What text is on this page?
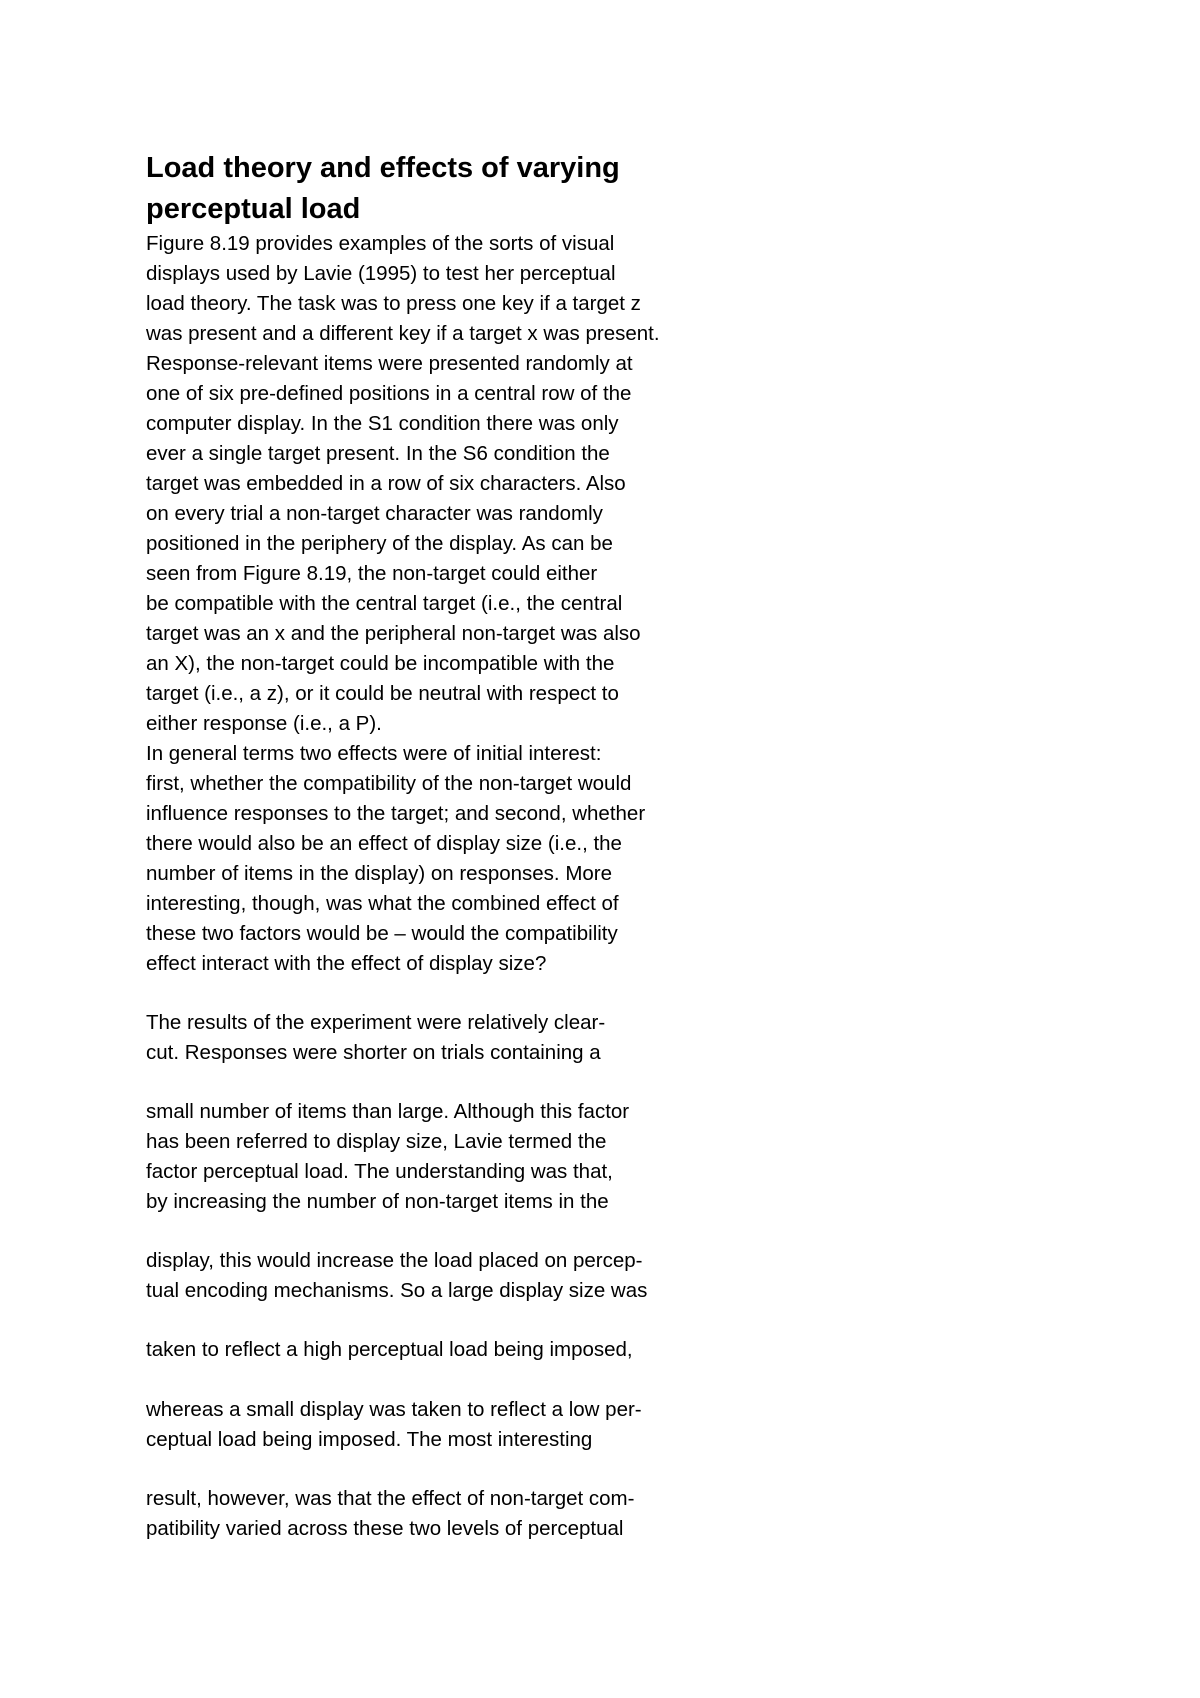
Load theory and effects of varying
perceptual load

Figure 8.19 provides examples of the sorts of visual

displays used by Lavie (1995) to test her perceptual

load theory. The task was to press one key if a target z

was present and a different key if a target x was present.

Response-relevant items were presented randomly at

one of six pre-defined positions in a central row of the

computer display. In the S1 condition there was only

ever a single target present. In the S6 condition the

target was embedded in a row of six characters. Also

on every trial a non-target character was randomly

positioned in the periphery of the display. As can be

seen from Figure 8.19, the non-target could either

be compatible with the central target (i.e., the central

target was an x and the peripheral non-target was also

an X), the non-target could be incompatible with the

target (i.e., a z), or it could be neutral with respect to

either response (i.e., a P).

In general terms two effects were of initial interest:

first, whether the compatibility of the non-target would

influence responses to the target; and second, whether

there would also be an effect of display size (i.e., the

number of items in the display) on responses. More

interesting, though, was what the combined effect of

these two factors would be – would the compatibility

effect interact with the effect of display size?

The results of the experiment were relatively clear-

cut. Responses were shorter on trials containing a

small number of items than large. Although this factor

has been referred to display size, Lavie termed the

factor perceptual load. The understanding was that,

by increasing the number of non-target items in the

display, this would increase the load placed on percep-

tual encoding mechanisms. So a large display size was

taken to reflect a high perceptual load being imposed,

whereas a small display was taken to reflect a low per-

ceptual load being imposed. The most interesting

result, however, was that the effect of non-target com-

patibility varied across these two levels of perceptual
